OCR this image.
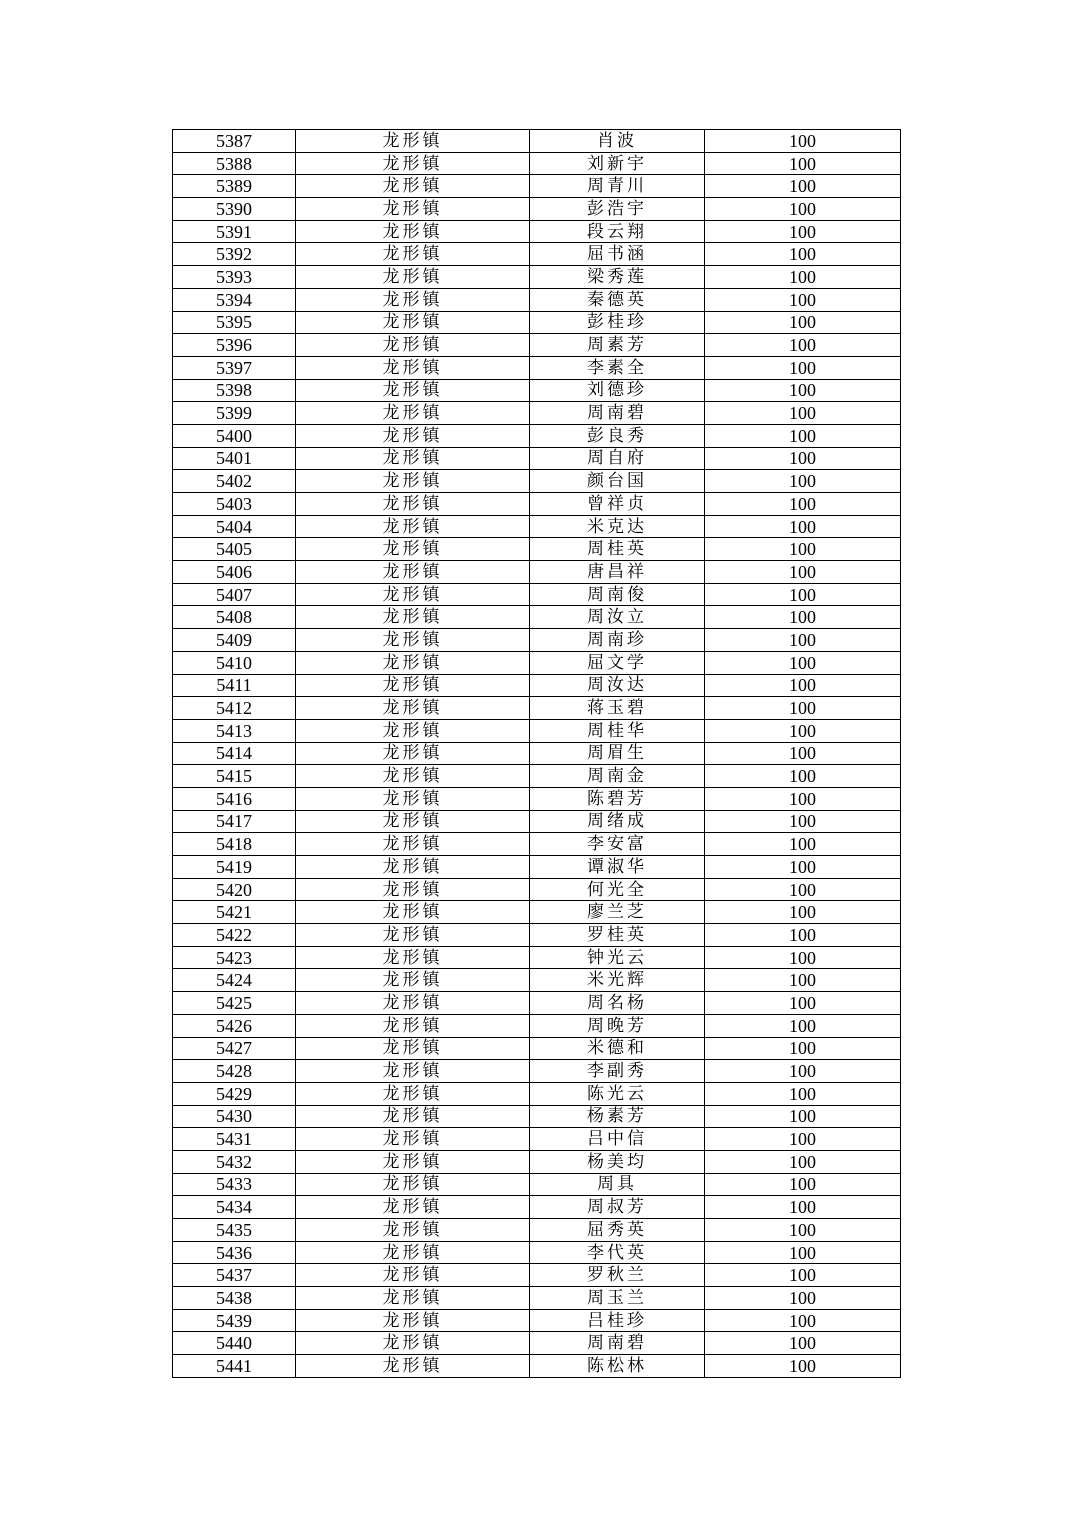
5387	龙形镇	肖波	100
5388	龙形镇	刘新宇	100
5389	龙形镇	周青川	100
5390	龙形镇	彭浩宇	100
5391	龙形镇	段云翔	100
5392	龙形镇	屈书涵	100
5393	龙形镇	梁秀莲	100
5394	龙形镇	秦德英	100
5395	龙形镇	彭桂珍	100
5396	龙形镇	周素芳	100
5397	龙形镇	李素全	100
5398	龙形镇	刘德珍	100
5399	龙形镇	周南碧	100
5400	龙形镇	彭良秀	100
5401	龙形镇	周自府	100
5402	龙形镇	颜台国	100
5403	龙形镇	曾祥贞	100
5404	龙形镇	米克达	100
5405	龙形镇	周桂英	100
5406	龙形镇	唐昌祥	100
5407	龙形镇	周南俊	100
5408	龙形镇	周汝立	100
5409	龙形镇	周南珍	100
5410	龙形镇	屈文学	100
5411	龙形镇	周汝达	100
5412	龙形镇	蒋玉碧	100
5413	龙形镇	周桂华	100
5414	龙形镇	周眉生	100
5415	龙形镇	周南金	100
5416	龙形镇	陈碧芳	100
5417	龙形镇	周绪成	100
5418	龙形镇	李安富	100
5419	龙形镇	谭淑华	100
5420	龙形镇	何光全	100
5421	龙形镇	廖兰芝	100
5422	龙形镇	罗桂英	100
5423	龙形镇	钟光云	100
5424	龙形镇	米光辉	100
5425	龙形镇	周名杨	100
5426	龙形镇	周晚芳	100
5427	龙形镇	米德和	100
5428	龙形镇	李副秀	100
5429	龙形镇	陈光云	100
5430	龙形镇	杨素芳	100
5431	龙形镇	吕中信	100
5432	龙形镇	杨美均	100
5433	龙形镇	周具	100
5434	龙形镇	周叔芳	100
5435	龙形镇	屈秀英	100
5436	龙形镇	李代英	100
5437	龙形镇	罗秋兰	100
5438	龙形镇	周玉兰	100
5439	龙形镇	吕桂珍	100
5440	龙形镇	周南碧	100
5441	龙形镇	陈松林	100
